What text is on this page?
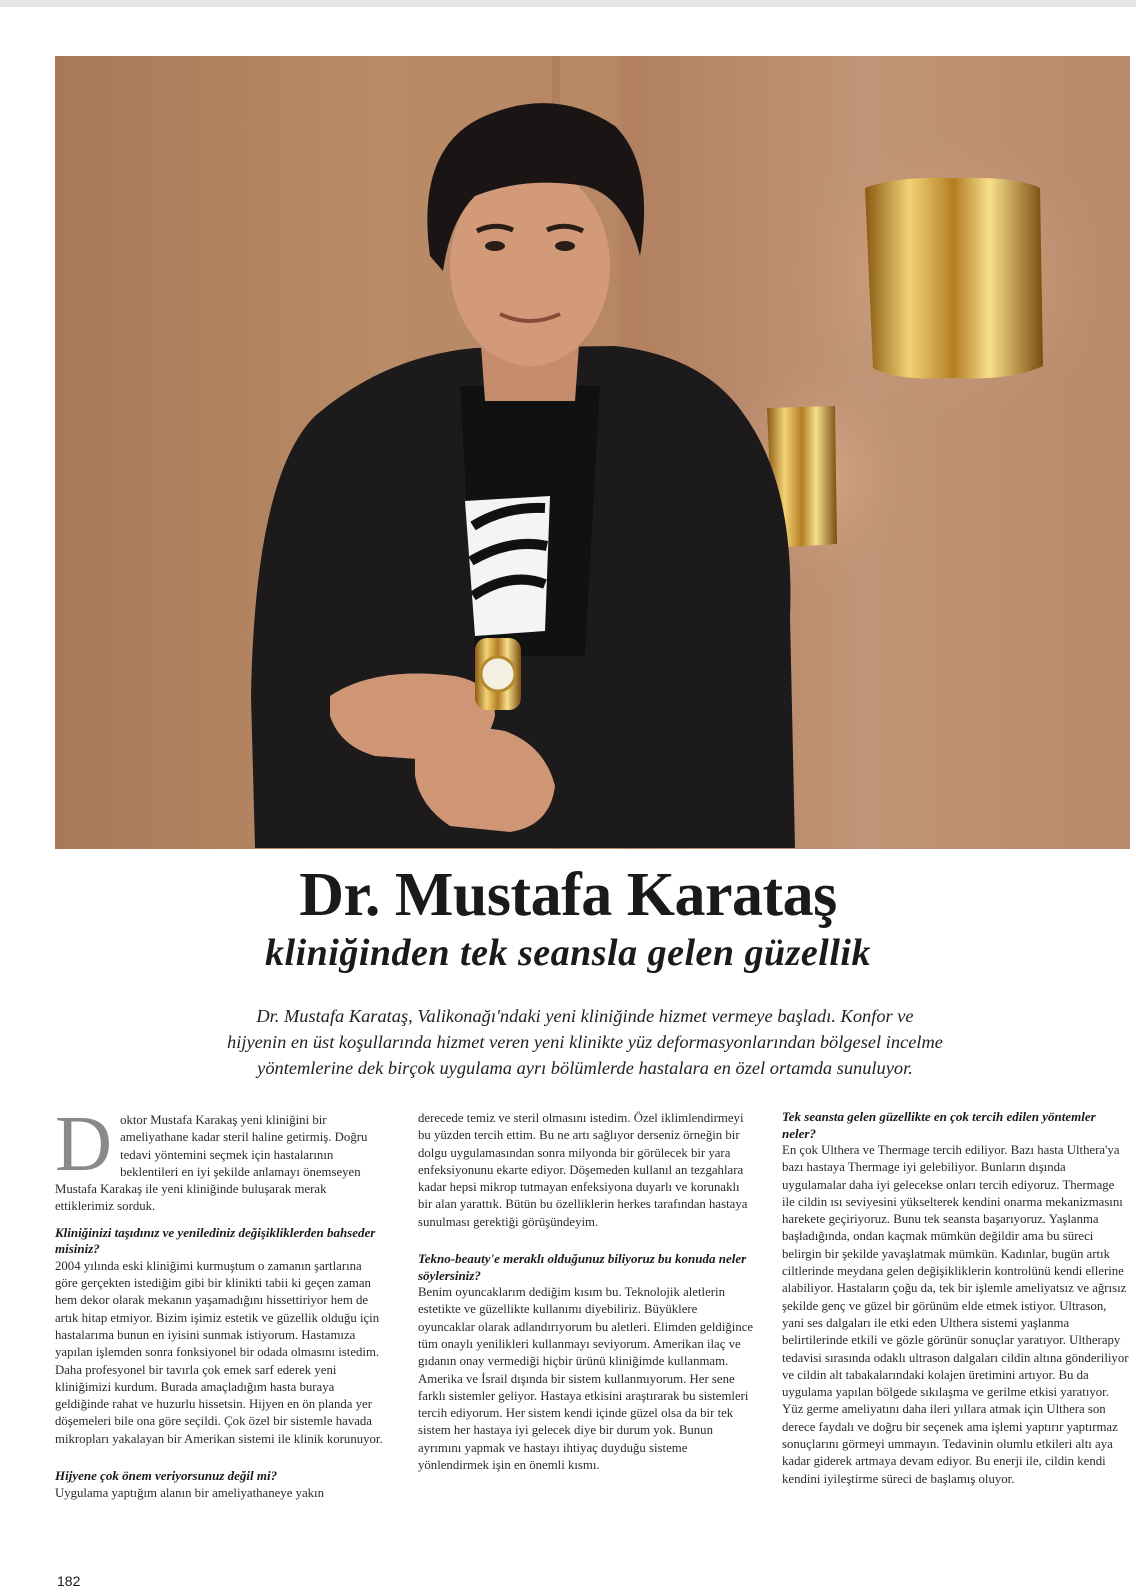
Dr. Mustafa Karataş
kliniğinden tek seansla gelen güzellik
Dr. Mustafa Karataş, Valikonağı'ndaki yeni kliniğinde hizmet vermeye başladı. Konfor ve
hijyenin en üst koşullarında hizmet veren yeni klinikte yüz deformasyonlarından bölgesel incelme
yöntemlerine dek birçok uygulama ayrı bölümlerde hastalara en özel ortamda sunuluyor.
D oktor Mustafa Karakaş yeni kliniğini bir ameliyathane kadar steril haline getirmiş. Doğru tedavi yöntemini seçmek için hastalarının beklentileri en iyi şekilde anlamayı önemseyen Mustafa Karakaş ile yeni kliniğinde buluşarak merak ettiklerimiz sorduk.
Kliniğinizi taşıdınız ve yenilediniz değişikliklerden bahseder misiniz?
2004 yılında eski kliniğimi kurmuştum o zamanın şartlarına göre gerçekten istediğim gibi bir klinikti tabii ki geçen zaman hem dekor olarak mekanın yaşamadığını hissettiriyor hem de artık hitap etmiyor. Bizim işimiz estetik ve güzellik olduğu için hastalarıma bunun en iyisini sunmak istiyorum. Hastamıza yapılan işlemden sonra fonksiyonel bir odada olmasını istedim. Daha profesyonel bir tavırla çok emek sarf ederek yeni kliniğimizi kurdum. Burada amaçladığım hasta buraya geldiğinde rahat ve huzurlu hissetsin. Hijyen en ön planda yer döşemeleri bile ona göre seçildi. Çok özel bir sistemle havada mikropları yakalayan bir Amerikan sistemi ile klinik korunuyor.
Hijyene çok önem veriyorsunuz değil mi?
Uygulama yaptığım alanın bir ameliyathaneye yakın
derecede temiz ve steril olmasını istedim. Özel iklimlendirmeyi bu yüzden tercih ettim. Bu ne artı sağlıyor derseniz örneğin bir dolgu uygulamasından sonra milyonda bir görülecek bir yara enfeksiyonunu ekarte ediyor. Döşemeden kullanıl an tezgahlara kadar hepsi mikrop tutmayan enfeksiyona duyarlı ve korunaklı bir alan yarattık. Bütün bu özelliklerin herkes tarafından hastaya sunulması gerektiği görüşündeyim.
Tekno-beauty'e meraklı olduğunuz biliyoruz bu konuda neler söylersiniz?
Benim oyuncaklarım dediğim kısım bu. Teknolojik aletlerin estetikte ve güzellikte kullanımı diyebiliriz. Büyüklere oyuncaklar olarak adlandırıyorum bu aletleri. Elimden geldiğince tüm onaylı yenilikleri kullanmayı seviyorum. Amerikan ilaç ve gıdanın onay vermediği hiçbir ürünü kliniğimde kullanmam. Amerika ve İsrail dışında bir sistem kullanmıyorum. Her sene farklı sistemler geliyor. Hastaya etkisini araştırarak bu sistemleri tercih ediyorum. Her sistem kendi içinde güzel olsa da bir tek sistem her hastaya iyi gelecek diye bir durum yok. Bunun ayrımını yapmak ve hastayı ihtiyaç duyduğu sisteme yönlendirmek işin en önemli kısmı.
Tek seansta gelen güzellikte en çok tercih edilen yöntemler neler?
En çok Ulthera ve Thermage tercih ediliyor. Bazı hasta Ulthera'ya bazı hastaya Thermage iyi gelebiliyor. Bunların dışında uygulamalar daha iyi gelecekse onları tercih ediyoruz. Thermage ile cildin ısı seviyesini yükselterek kendini onarma mekanizmasını harekete geçiriyoruz. Bunu tek seansta başarıyoruz. Yaşlanma başladığında, ondan kaçmak mümkün değildir ama bu süreci belirgin bir şekilde yavaşlatmak mümkün. Kadınlar, bugün artık ciltlerinde meydana gelen değişikliklerin kontrolünü kendi ellerine alabiliyor. Hastaların çoğu da, tek bir işlemle ameliyatsız ve ağrısız şekilde genç ve güzel bir görünüm elde etmek istiyor. Ultrason, yani ses dalgaları ile etki eden Ulthera sistemi yaşlanma belirtilerinde etkili ve gözle görünür sonuçlar yaratıyor. Ultherapy tedavisi sırasında odaklı ultrason dalgaları cildin altına gönderiliyor ve cildin alt tabakalarındaki kolajen üretimini artıyor. Bu da uygulama yapılan bölgede sıkılaşma ve gerilme etkisi yaratıyor. Yüz germe ameliyatını daha ileri yıllara atmak için Ulthera son derece faydalı ve doğru bir seçenek ama işlemi yaptırır yaptırmaz sonuçlarını görmeyi ummayın. Tedavinin olumlu etkileri altı aya kadar giderek artmaya devam ediyor. Bu enerji ile, cildin kendi kendini iyileştirme süreci de başlamış oluyor.
182
